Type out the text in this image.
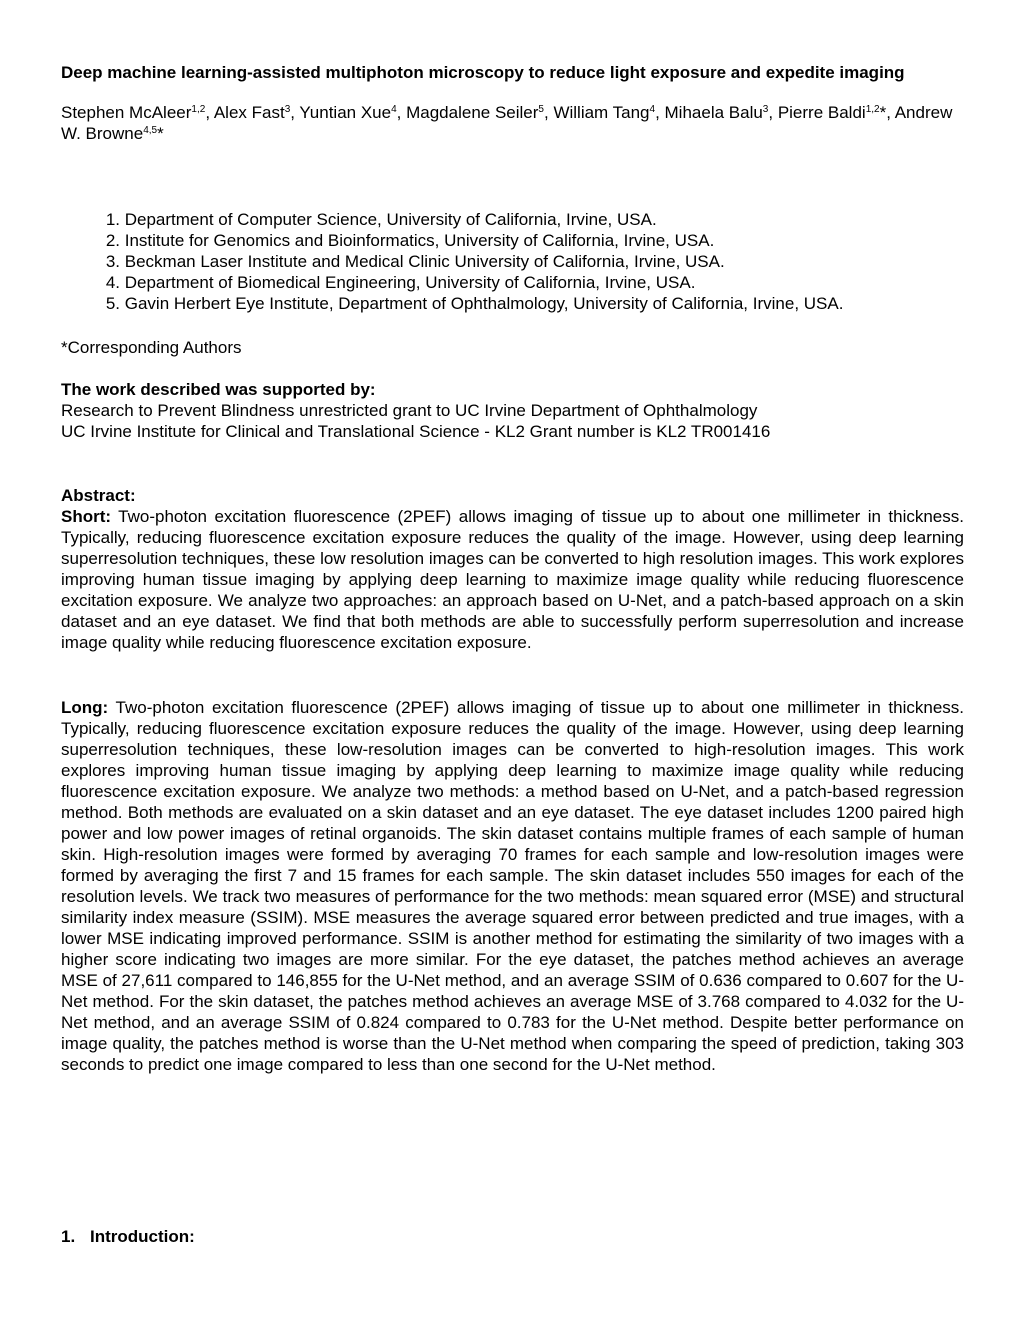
Deep machine learning-assisted multiphoton microscopy to reduce light exposure and expedite imaging
Stephen McAleer$^{1,2}$, Alex Fast$^3$, Yuntian Xue$^4$, Magdalene Seiler$^5$, William Tang$^4$, Mihaela Balu$^3$, Pierre Baldi$^{1,2}$*, Andrew W. Browne$^{4,5}$*
1. Department of Computer Science, University of California, Irvine, USA.
2. Institute for Genomics and Bioinformatics, University of California, Irvine, USA.
3. Beckman Laser Institute and Medical Clinic University of California, Irvine, USA.
4. Department of Biomedical Engineering, University of California, Irvine, USA.
5. Gavin Herbert Eye Institute, Department of Ophthalmology, University of California, Irvine, USA.
*Corresponding Authors
The work described was supported by:
Research to Prevent Blindness unrestricted grant to UC Irvine Department of Ophthalmology
UC Irvine Institute for Clinical and Translational Science - KL2 Grant number is KL2 TR001416
Abstract:
Short: Two-photon excitation fluorescence (2PEF) allows imaging of tissue up to about one millimeter in thickness. Typically, reducing fluorescence excitation exposure reduces the quality of the image. However, using deep learning superresolution techniques, these low resolution images can be converted to high resolution images. This work explores improving human tissue imaging by applying deep learning to maximize image quality while reducing fluorescence excitation exposure. We analyze two approaches: an approach based on U-Net, and a patch-based approach on a skin dataset and an eye dataset. We find that both methods are able to successfully perform superresolution and increase image quality while reducing fluorescence excitation exposure.
Long: Two-photon excitation fluorescence (2PEF) allows imaging of tissue up to about one millimeter in thickness. Typically, reducing fluorescence excitation exposure reduces the quality of the image. However, using deep learning superresolution techniques, these low-resolution images can be converted to high-resolution images. This work explores improving human tissue imaging by applying deep learning to maximize image quality while reducing fluorescence excitation exposure. We analyze two methods: a method based on U-Net, and a patch-based regression method. Both methods are evaluated on a skin dataset and an eye dataset. The eye dataset includes 1200 paired high power and low power images of retinal organoids. The skin dataset contains multiple frames of each sample of human skin. High-resolution images were formed by averaging 70 frames for each sample and low-resolution images were formed by averaging the first 7 and 15 frames for each sample. The skin dataset includes 550 images for each of the resolution levels. We track two measures of performance for the two methods: mean squared error (MSE) and structural similarity index measure (SSIM). MSE measures the average squared error between predicted and true images, with a lower MSE indicating improved performance. SSIM is another method for estimating the similarity of two images with a higher score indicating two images are more similar. For the eye dataset, the patches method achieves an average MSE of 27,611 compared to 146,855 for the U-Net method, and an average SSIM of 0.636 compared to 0.607 for the U-Net method. For the skin dataset, the patches method achieves an average MSE of 3.768 compared to 4.032 for the U-Net method, and an average SSIM of 0.824 compared to 0.783 for the U-Net method. Despite better performance on image quality, the patches method is worse than the U-Net method when comparing the speed of prediction, taking 303 seconds to predict one image compared to less than one second for the U-Net method.
1. Introduction:
